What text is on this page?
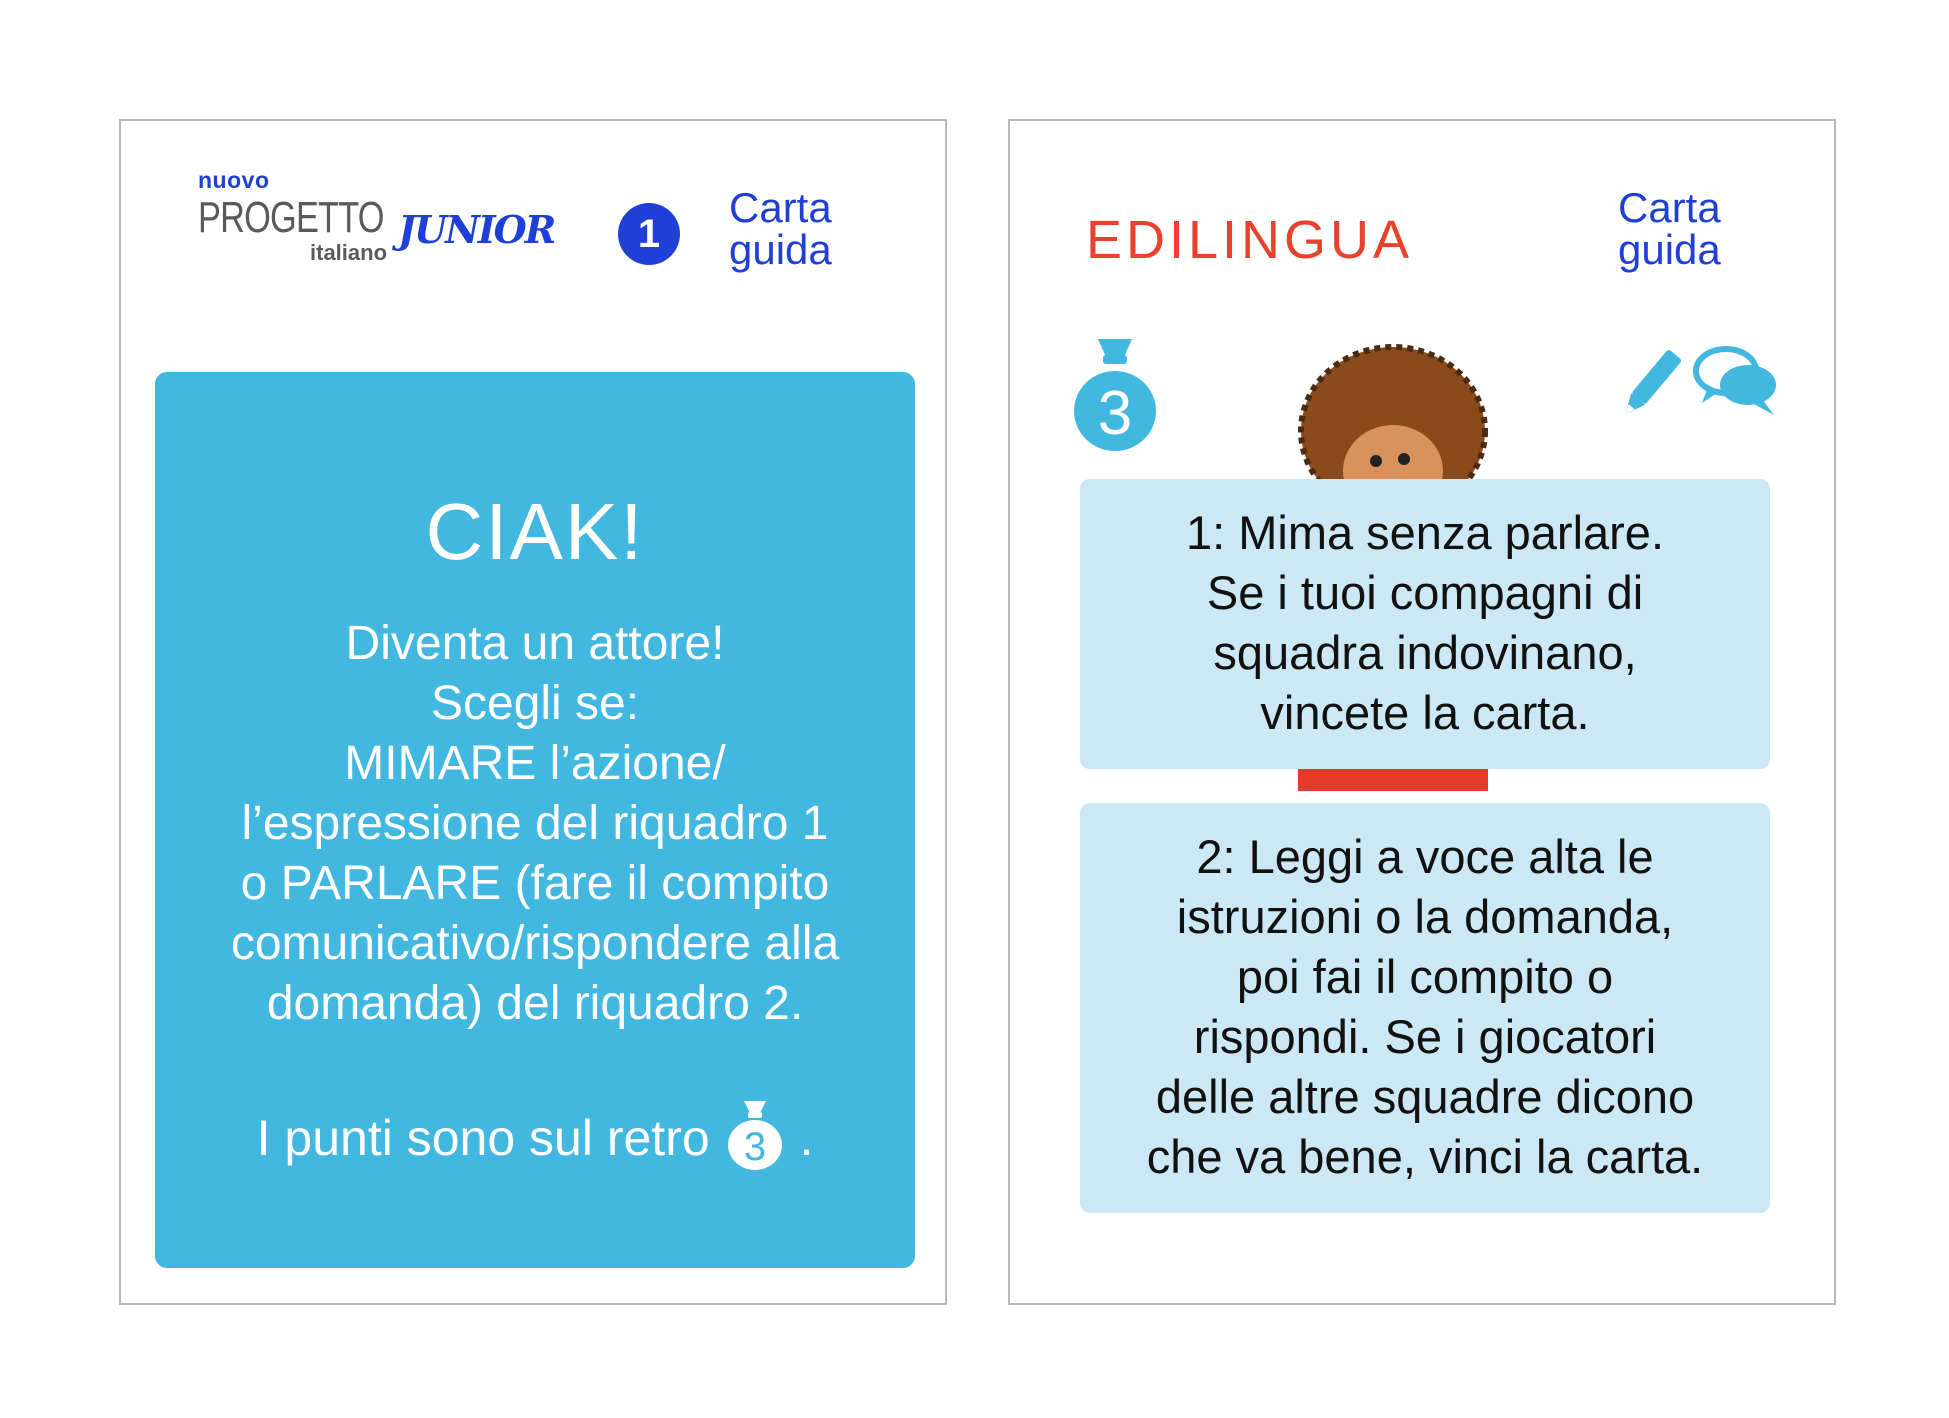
nuovo
PROGETTO
italiano
JUNIOR	1
Carta
guida
CIAK!
Diventa un attore!
Scegli se:
MIMARE l’azione/
l’espressione del riquadro 1
o PARLARE (fare il compito
comunicativo/rispondere alla
domanda) del riquadro 2.
I punti sono sul retro 3 .
EDILINGUA
Carta
guida
3
1: Mima senza parlare.
Se i tuoi compagni di
squadra indovinano,
vincete la carta.
2: Leggi a voce alta le
istruzioni o la domanda,
poi fai il compito o
rispondi. Se i giocatori
delle altre squadre dicono
che va bene, vinci la carta.
